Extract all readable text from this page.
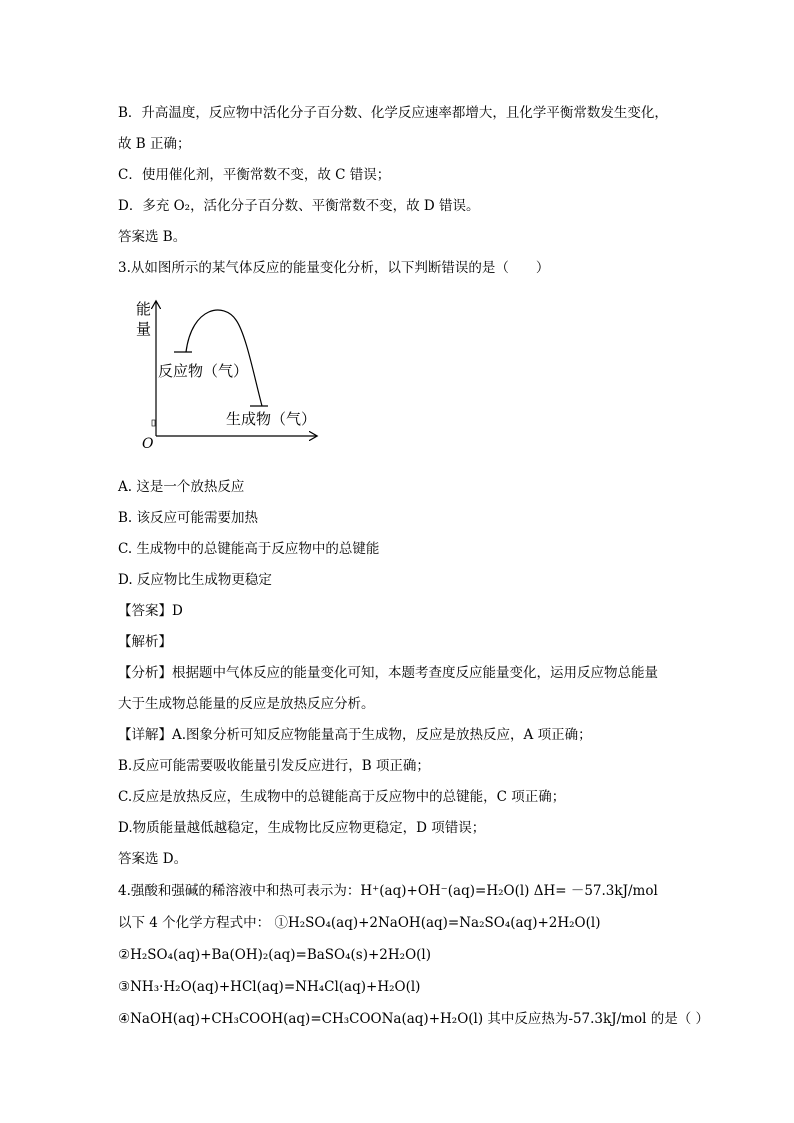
B．升高温度，反应物中活化分子百分数、化学反应速率都增大，且化学平衡常数发生变化，
故 B 正确；
C．使用催化剂，平衡常数不变，故 C 错误；
D．多充 O₂，活化分子百分数、平衡常数不变，故 D 错误。
答案选 B。
3.从如图所示的某气体反应的能量变化分析，以下判断错误的是（　　）
能
量
O
反应物（气）
生成物（气）
A. 这是一个放热反应
B. 该反应可能需要加热
C. 生成物中的总键能高于反应物中的总键能
D. 反应物比生成物更稳定
【答案】D
【解析】
【分析】根据题中气体反应的能量变化可知，本题考查度反应能量变化，运用反应物总能量
大于生成物总能量的反应是放热反应分析。
【详解】A.图象分析可知反应物能量高于生成物，反应是放热反应，A 项正确；
B.反应可能需要吸收能量引发反应进行，B 项正确；
C.反应是放热反应，生成物中的总键能高于反应物中的总键能，C 项正确；
D.物质能量越低越稳定，生成物比反应物更稳定，D 项错误；
答案选 D。
4.强酸和强碱的稀溶液中和热可表示为：H⁺(aq)+OH⁻(aq)=H₂O(l) ΔH= －57.3kJ/mol
以下 4 个化学方程式中： ①H₂SO₄(aq)+2NaOH(aq)=Na₂SO₄(aq)+2H₂O(l)
②H₂SO₄(aq)+Ba(OH)₂(aq)=BaSO₄(s)+2H₂O(l)
③NH₃·H₂O(aq)+HCl(aq)=NH₄Cl(aq)+H₂O(l)
④NaOH(aq)+CH₃COOH(aq)=CH₃COONa(aq)+H₂O(l) 其中反应热为-57.3kJ/mol 的是（ ）
